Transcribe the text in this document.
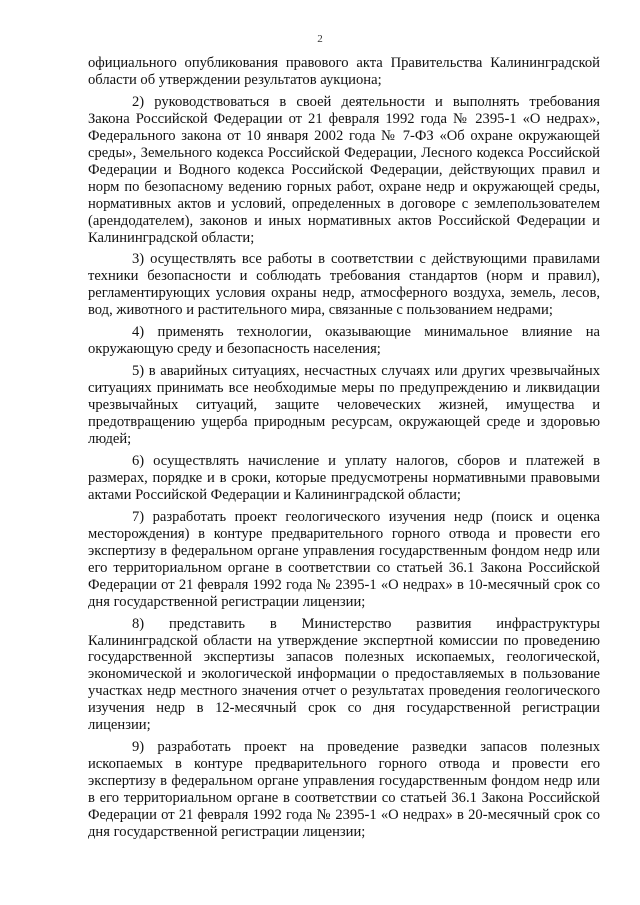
2

официального опубликования правового акта Правительства Калининградской области об утверждении результатов аукциона;

2) руководствоваться в своей деятельности и выполнять требования Закона Российской Федерации от 21 февраля 1992 года № 2395-1 «О недрах», Федерального закона от 10 января 2002 года № 7-ФЗ «Об охране окружающей среды», Земельного кодекса Российской Федерации, Лесного кодекса Российской Федерации и Водного кодекса Российской Федерации, действующих правил и норм по безопасному ведению горных работ, охране недр и окружающей среды, нормативных актов и условий, определенных в договоре с землепользователем (арендодателем), законов и иных нормативных актов Российской Федерации и Калининградской области;

3) осуществлять все работы в соответствии с действующими правилами техники безопасности и соблюдать требования стандартов (норм и правил), регламентирующих условия охраны недр, атмосферного воздуха, земель, лесов, вод, животного и растительного мира, связанные с пользованием недрами;

4) применять технологии, оказывающие минимальное влияние на окружающую среду и безопасность населения;

5) в аварийных ситуациях, несчастных случаях или других чрезвычайных ситуациях принимать все необходимые меры по предупреждению и ликвидации чрезвычайных ситуаций, защите человеческих жизней, имущества и предотвращению ущерба природным ресурсам, окружающей среде и здоровью людей;

6) осуществлять начисление и уплату налогов, сборов и платежей в размерах, порядке и в сроки, которые предусмотрены нормативными правовыми актами Российской Федерации и Калининградской области;

7) разработать проект геологического изучения недр (поиск и оценка месторождения) в контуре предварительного горного отвода и провести его экспертизу в федеральном органе управления государственным фондом недр или его территориальном органе в соответствии со статьей 36.1 Закона Российской Федерации от 21 февраля 1992 года № 2395-1 «О недрах» в 10-месячный срок со дня государственной регистрации лицензии;

8) представить в Министерство развития инфраструктуры Калининградской области на утверждение экспертной комиссии по проведению государственной экспертизы запасов полезных ископаемых, геологической, экономической и экологической информации о предоставляемых в пользование участках недр местного значения отчет о результатах проведения геологического изучения недр в 12-месячный срок со дня государственной регистрации лицензии;

9) разработать проект на проведение разведки запасов полезных ископаемых в контуре предварительного горного отвода и провести его экспертизу в федеральном органе управления государственным фондом недр или в его территориальном органе в соответствии со статьей 36.1 Закона Российской Федерации от 21 февраля 1992 года № 2395-1 «О недрах» в 20-месячный срок со дня государственной регистрации лицензии;
